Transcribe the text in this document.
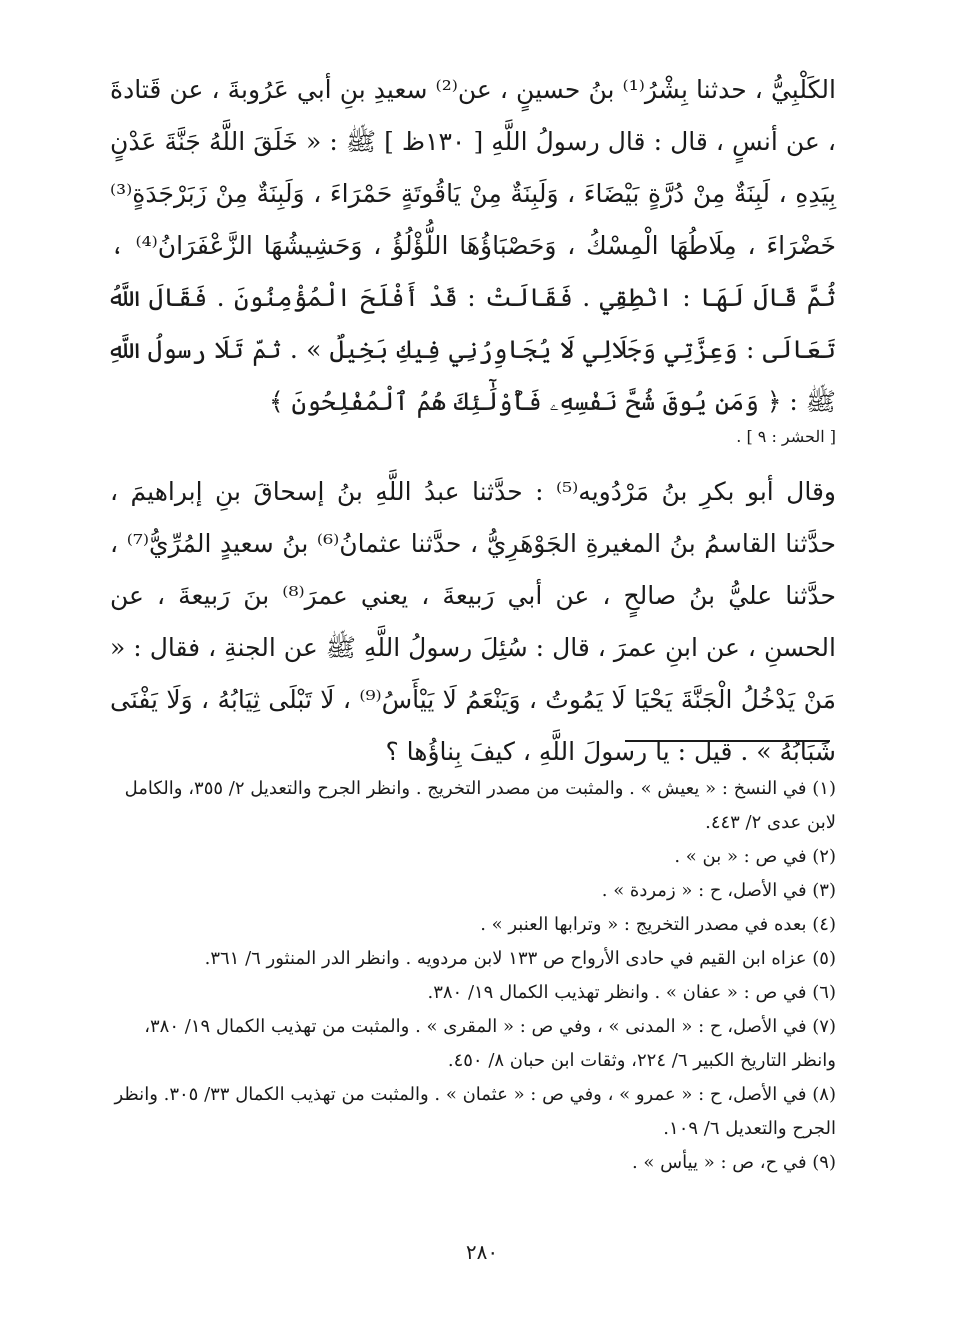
الكَلْبِيُّ ، حدثنا بِشْرُ⁽¹⁾ بنُ حسينٍ ، عن⁽²⁾ سعيدِ بنِ أبي عَرُوبةَ ، عن قَتادةَ ، عن أنسٍ ، قال : قال رسولُ اللَّهِ [ ١٣٠ظ ] ﷺ : « خَلَقَ اللَّهُ جَنَّةَ عَدْنٍ بِيَدِهِ ، لَبِنَةٌ مِنْ دُرَّةٍ بَيْضَاءَ ، وَلَبِنَةٌ مِنْ يَاقُوتَةٍ حَمْرَاءَ ، وَلَبِنَةٌ مِنْ زَبَرْجَدَةٍ⁽³⁾ خَضْرَاءَ ، مِلَاطُهَا الْمِسْكُ ، وَحَصْبَاؤُهَا اللُّؤْلُؤُ ، وَحَشِيشُهَا الزَّعْفَرَانُ⁽⁴⁾ ، ثُمَّ قَالَ لَهَا : انْطِقِي . فَقَالَتْ : قَدْ أَفْلَحَ الْمُؤْمِنُونَ . فَقَالَ اللَّهُ تَعَالَى : وَعِزَّتِي وَجَلَالِي لَا يُجَاوِرُنِي فِيكِ بَخِيلٌ » . ثمّ تَلَا رسولُ اللَّهِ ﷺ : ﴿ وَمَن يُوقَ شُحَّ نَفْسِهِۦ فَأُوْلَٰٓئِكَ هُمُ ٱلْمُفْلِحُونَ ﴾
[ الحشر : ٩ ] .

وقال أبو بكرِ بنُ مَرْدُويه⁽⁵⁾ : حدَّثنا عبدُ اللَّهِ بنُ إسحاقَ بنِ إبراهيمَ ، حدَّثنا القاسمُ بنُ المغيرةِ الجَوْهَرِيُّ ، حدَّثنا عثمانُ⁽⁶⁾ بنُ سعيدٍ المُرِّيُّ⁽⁷⁾ ، حدَّثنا عليُّ بنُ صالحٍ ، عن أبي رَبيعةَ ، يعني عمرَ⁽⁸⁾ بنَ رَبيعةَ ، عن الحسنِ ، عن ابنِ عمرَ ، قال : سُئِلَ رسولُ اللَّهِ ﷺ عن الجنةِ ، فقال : « مَنْ يَدْخُلُ الْجَنَّةَ يَحْيَا لَا يَمُوتُ ، وَيَنْعَمُ لَا يَيْأَسُ⁽⁹⁾ ، لَا تَبْلَى ثِيَابُهُ ، وَلَا يَفْنَى شَبَابُهُ » . قيل : يا رسولَ اللَّهِ ، كيفَ بِناؤُها ؟

(١) في النسخ : « يعيش » . والمثبت من مصدر التخريج . وانظر الجرح والتعديل ٢/ ٣٥٥، والكامل لابن عدى ٢/ ٤٤٣.

(٢) في ص : « بن » .

(٣) في الأصل، ح : « زمردة » .

(٤) بعده في مصدر التخريج : « وترابها العنبر » .

(٥) عزاه ابن القيم في حادى الأرواح ص ١٣٣ لابن مردويه . وانظر الدر المنثور ٦/ ٣٦١.

(٦) في ص : « عفان » . وانظر تهذيب الكمال ١٩/ ٣٨٠.

(٧) في الأصل، ح : « المدنى » ، وفي ص : « المقرى » . والمثبت من تهذيب الكمال ١٩/ ٣٨٠، وانظر التاريخ الكبير ٦/ ٢٢٤، وثقات ابن حبان ٨/ ٤٥٠.

(٨) في الأصل، ح : « عمرو » ، وفي ص : « عثمان » . والمثبت من تهذيب الكمال ٣٣/ ٣٠٥. وانظر الجرح والتعديل ٦/ ١٠٩.

(٩) في ح، ص : « ييأس » .

٢٨٠
